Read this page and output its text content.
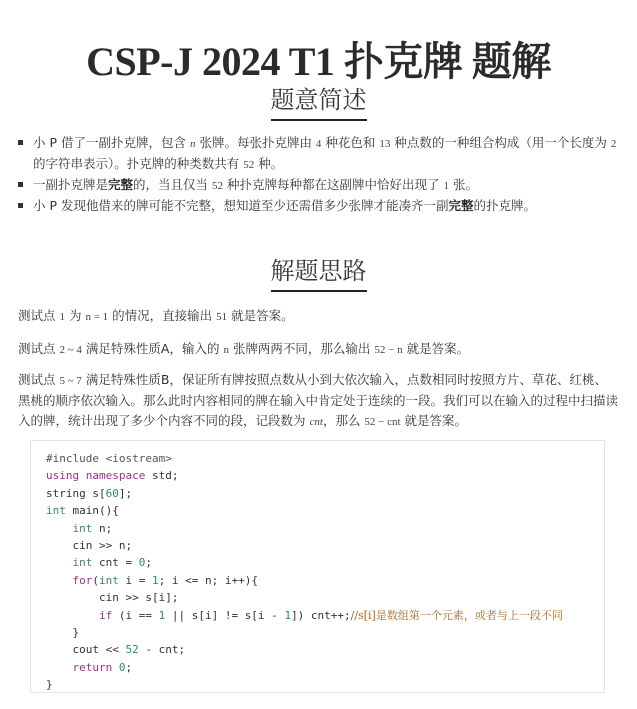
CSP-J 2024 T1 扑克牌 题解
题意简述
小 P 借了一副扑克牌，包含 n 张牌。每张扑克牌由 4 种花色和 13 种点数的一种组合构成（用一个长度为 2 的字符串表示）。扑克牌的种类数共有 52 种。
一副扑克牌是完整的，当且仅当 52 种扑克牌每种都在这副牌中恰好出现了 1 张。
小 P 发现他借来的牌可能不完整，想知道至少还需借多少张牌才能凑齐一副完整的扑克牌。
解题思路

测试点 1 为 n = 1 的情况，直接输出 51 就是答案。

测试点 2 ~ 4 满足特殊性质A，输入的 n 张牌两两不同，那么输出 52 − n 就是答案。

测试点 5 ~ 7 满足特殊性质B，保证所有牌按照点数从小到大依次输入，点数相同时按照方片、草花、红桃、黑桃的顺序依次输入。那么此时内容相同的牌在输入中肯定处于连续的一段。我们可以在输入的过程中扫描读入的牌，统计出现了多少个内容不同的段，记段数为 cnt，那么 52 − cnt 就是答案。

#include <iostream>
using namespace std;
string s[60];
int main(){
int n;
cin >> n;
int cnt = 0;
for(int i = 1; i <= n; i++){
cin >> s[i];
if (i == 1 || s[i] != s[i - 1]) cnt++;//s[i]是数组第一个元素，或者与上一段不同
}
cout << 52 - cnt;
return 0;
}
